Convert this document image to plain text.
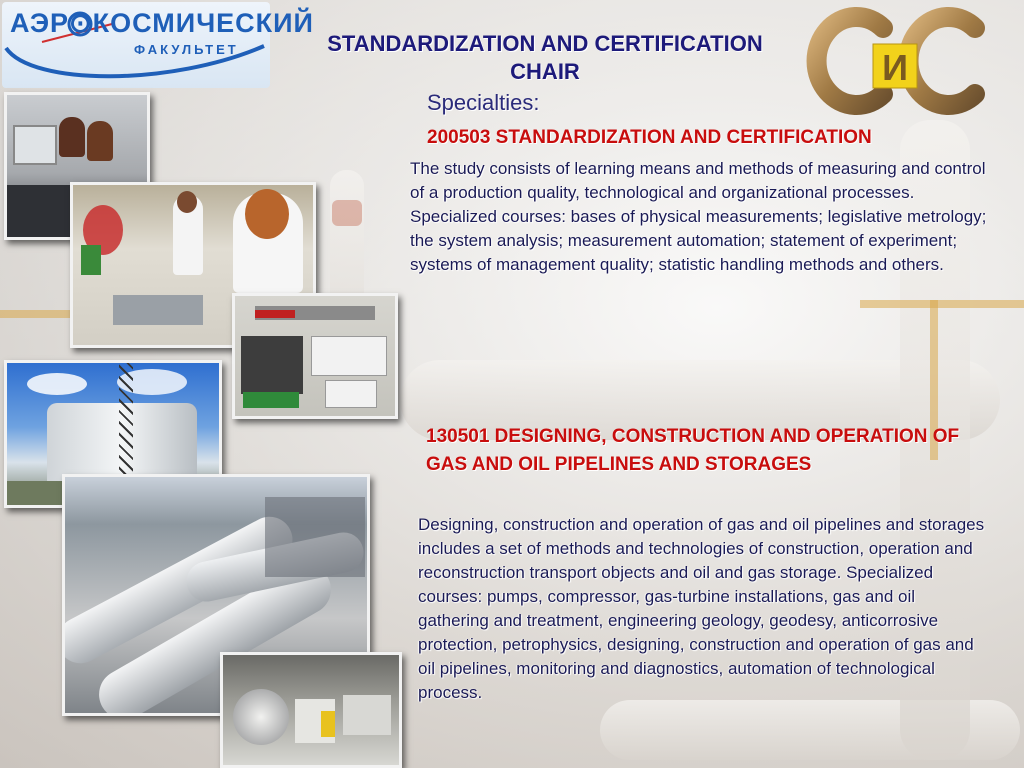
АЭР⊙КОСМИЧЕСКИЙ
ФАКУЛЬТЕТ	STANDARDIZATION AND CERTIFICATION
CHAIR
Specialties:
И
200503 STANDARDIZATION AND CERTIFICATION
The study consists of learning means and methods of measuring and control of a production quality, technological and organizational processes. Specialized courses: bases of physical measurements; legislative metrology; the system analysis; measurement automation; statement of experiment; systems of management quality; statistic handling methods and others.
130501 DESIGNING, CONSTRUCTION AND OPERATION OF GAS AND OIL PIPELINES AND STORAGES
Designing, construction and operation of gas and oil pipelines and storages includes a set of methods and technologies of construction, operation and reconstruction transport objects and oil and gas storage. Specialized courses: pumps, compressor, gas-turbine installations, gas and oil gathering and treatment, engineering geology, geodesy, anticorrosive protection, petrophysics, designing, construction and operation of gas and oil pipelines, monitoring and diagnostics, automation of technological process.
